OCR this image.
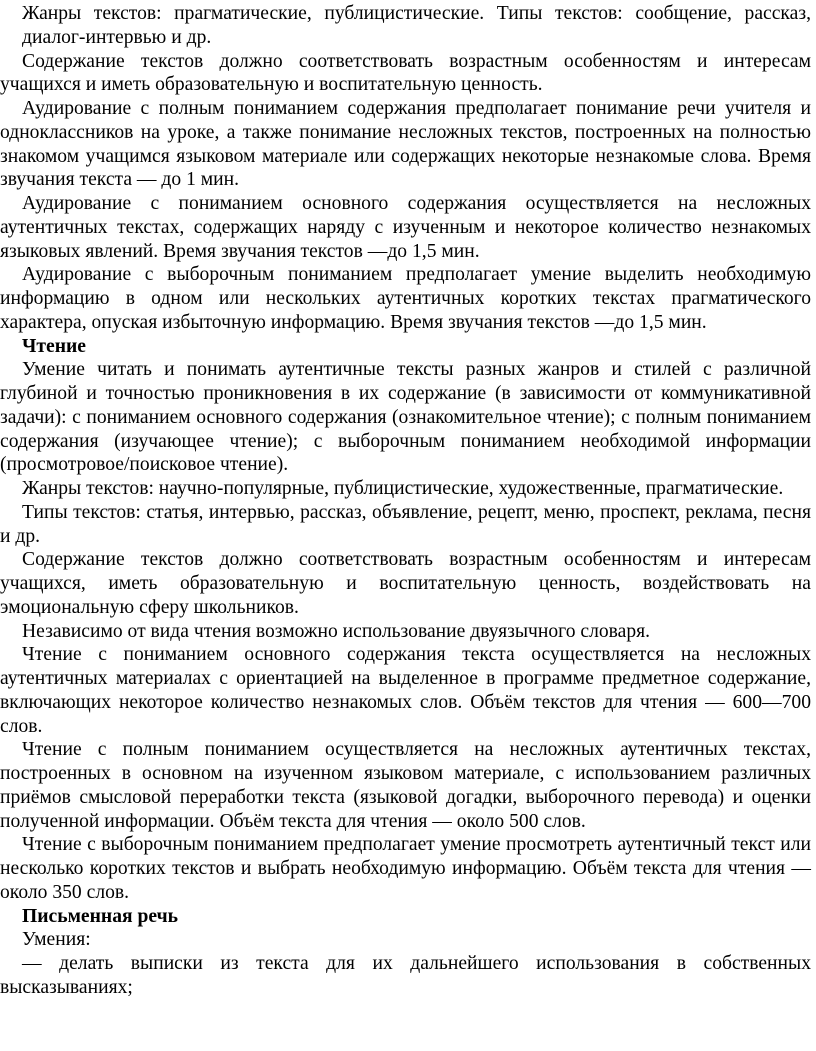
Жанры текстов: прагматические, публицистические. Типы текстов: сообщение, рассказ, диалог-интервью и др.

Содержание текстов должно соответствовать возрастным особенностям и интересам учащихся и иметь образовательную и воспитательную ценность.

Аудирование с полным пониманием содержания предполагает понимание речи учителя и одноклассников на уроке, а также понимание несложных текстов, построенных на полностью знакомом учащимся языковом материале или содержащих некоторые незнакомые слова. Время звучания текста — до 1 мин.

Аудирование с пониманием основного содержания осуществляется на несложных аутентичных текстах, содержащих наряду с изученным и некоторое количество незнакомых языковых явлений. Время звучания текстов —до 1,5 мин.

Аудирование с выборочным пониманием предполагает умение выделить необходимую информацию в одном или нескольких аутентичных коротких текстах прагматического характера, опуская избыточную информацию. Время звучания текстов —до 1,5 мин.

Чтение

Умение читать и понимать аутентичные тексты разных жанров и стилей с различной глубиной и точностью проникновения в их содержание (в зависимости от коммуникативной задачи): с пониманием основного содержания (ознакомительное чтение); с полным пониманием содержания (изучающее чтение); с выборочным пониманием необходимой информации (просмотровое/поисковое чтение).

Жанры текстов: научно-популярные, публицистические, художественные, прагматические.

Типы текстов: статья, интервью, рассказ, объявление, рецепт, меню, проспект, реклама, песня и др.

Содержание текстов должно соответствовать возрастным особенностям и интересам учащихся, иметь образовательную и воспитательную ценность, воздействовать на эмоциональную сферу школьников.

Независимо от вида чтения возможно использование двуязычного словаря.

Чтение с пониманием основного содержания текста осуществляется на несложных аутентичных материалах с ориентацией на выделенное в программе предметное содержание, включающих некоторое количество незнакомых слов. Объём текстов для чтения — 600—700 слов.

Чтение с полным пониманием осуществляется на несложных аутентичных текстах, построенных в основном на изученном языковом материале, с использованием различных приёмов смысловой переработки текста (языковой догадки, выборочного перевода) и оценки полученной информации. Объём текста для чтения — около 500 слов.

Чтение с выборочным пониманием предполагает умение просмотреть аутентичный текст или несколько коротких текстов и выбрать необходимую информацию. Объём текста для чтения — около 350 слов.

Письменная речь

Умения:

— делать выписки из текста для их дальнейшего использования в собственных высказываниях;
